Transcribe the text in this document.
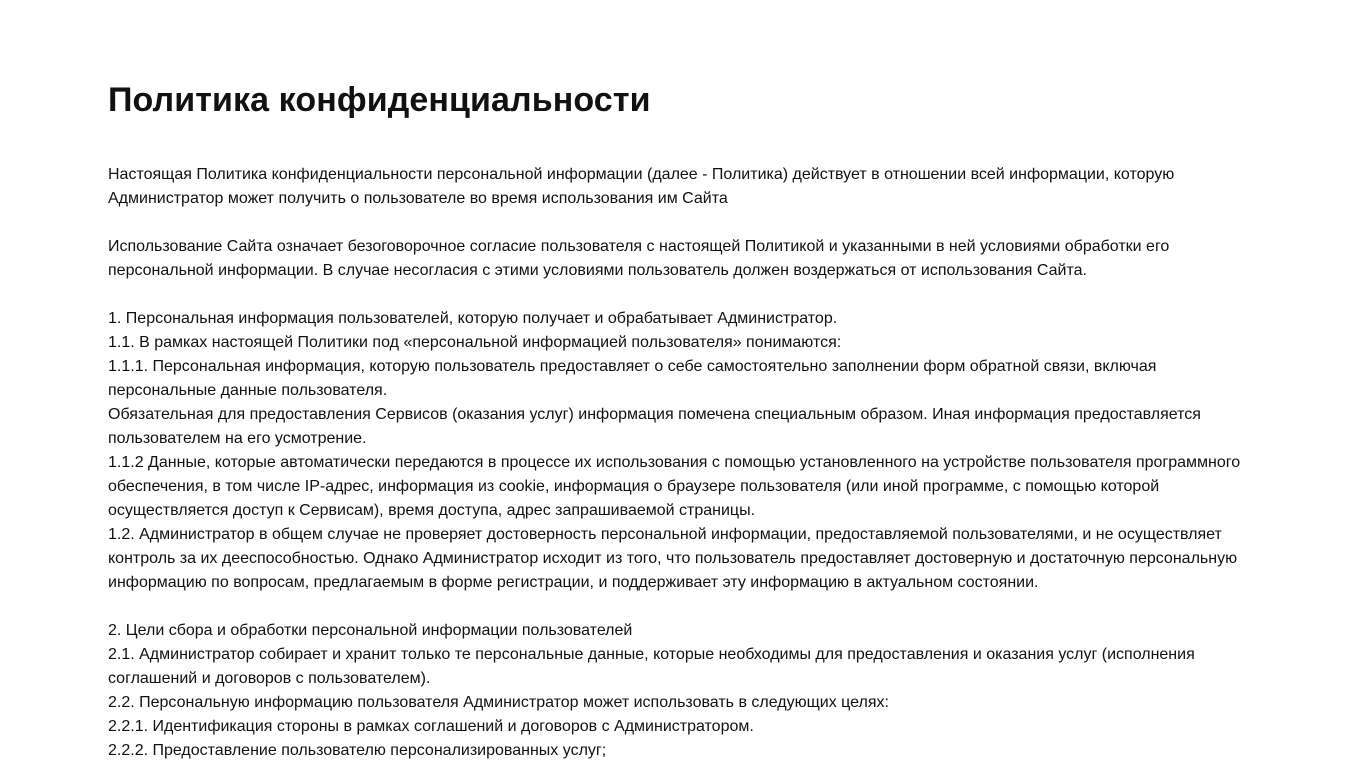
Политика конфиденциальности

Настоящая Политика конфиденциальности персональной информации (далее - Политика) действует в отношении всей информации, которую Администратор может получить о пользователе во время использования им Сайта

Использование Сайта означает безоговорочное согласие пользователя с настоящей Политикой и указанными в ней условиями обработки его персональной информации. В случае несогласия с этими условиями пользователь должен воздержаться от использования Сайта.

1. Персональная информация пользователей, которую получает и обрабатывает Администратор.

1.1. В рамках настоящей Политики под «персональной информацией пользователя» понимаются:

1.1.1. Персональная информация, которую пользователь предоставляет о себе самостоятельно заполнении форм обратной связи, включая персональные данные пользователя.

Обязательная для предоставления Сервисов (оказания услуг) информация помечена специальным образом. Иная информация предоставляется пользователем на его усмотрение.

1.1.2 Данные, которые автоматически передаются в процессе их использования с помощью установленного на устройстве пользователя программного обеспечения, в том числе IP-адрес, информация из cookie, информация о браузере пользователя (или иной программе, с помощью которой осуществляется доступ к Сервисам), время доступа, адрес запрашиваемой страницы.

1.2. Администратор в общем случае не проверяет достоверность персональной информации, предоставляемой пользователями, и не осуществляет контроль за их дееспособностью. Однако Администратор исходит из того, что пользователь предоставляет достоверную и достаточную персональную информацию по вопросам, предлагаемым в форме регистрации, и поддерживает эту информацию в актуальном состоянии.

2. Цели сбора и обработки персональной информации пользователей

2.1. Администратор собирает и хранит только те персональные данные, которые необходимы для предоставления и оказания услуг (исполнения соглашений и договоров с пользователем).

2.2. Персональную информацию пользователя Администратор может использовать в следующих целях:

2.2.1. Идентификация стороны в рамках соглашений и договоров с Администратором.

2.2.2. Предоставление пользователю персонализированных услуг;
